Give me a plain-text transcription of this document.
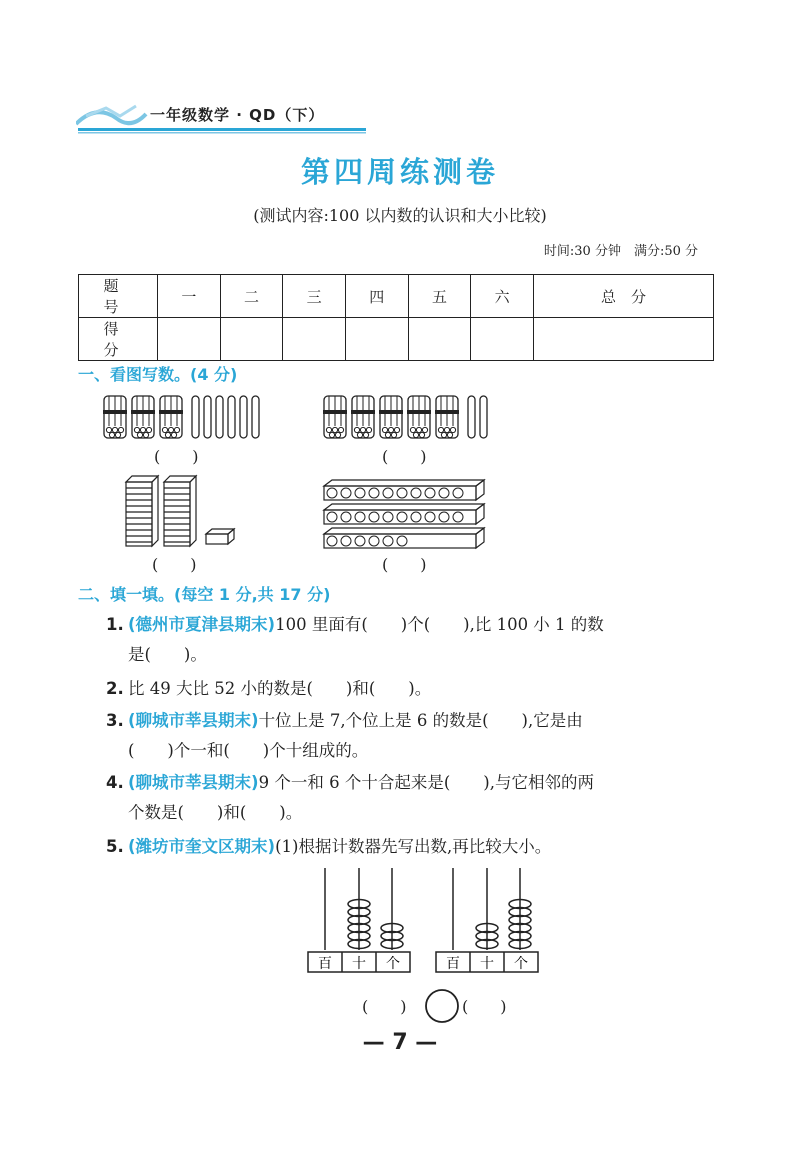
一年级数学 · QD（下）
第四周练测卷
(测试内容:100 以内数的认识和大小比较)
时间:30 分钟　满分:50 分
题　号	一	二	三	四	五	六	总　分
得　分							
一、看图写数。(4 分)
(　　)	(　　)
(　　)	(　　)
二、填一填。(每空 1 分,共 17 分)
1. (德州市夏津县期末)100 里面有(　　)个(　　),比 100 小 1 的数
是(　　)。
2. 比 49 大比 52 小的数是(　　)和(　　)。
3. (聊城市莘县期末)十位上是 7,个位上是 6 的数是(　　),它是由
(　　)个一和(　　)个十组成的。
4. (聊城市莘县期末)9 个一和 6 个十合起来是(　　),与它相邻的两
个数是(　　)和(　　)。
5. (潍坊市奎文区期末)(1)根据计数器先写出数,再比较大小。
百 十 个	百 十 个
(　　)	(　　)
— 7 —
